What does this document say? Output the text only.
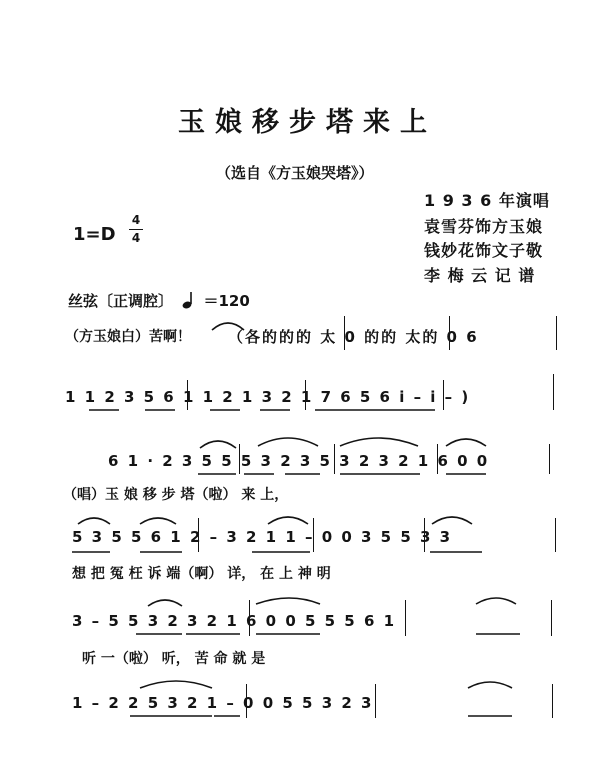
玉娘移步塔来上
（选自《方玉娘哭塔》）
1 9 3 6 年演唱
袁雪芬饰方玉娘
钱妙花饰文子敬
李 梅 云 记 谱
1=D
4
4
丝弦〔正调腔〕 ＝120
（方玉娘白）苦啊！ （各的的的 太 0 的的 太的 0 6
1 1 2 3 5 6 1 1 2 1 3 2 1 7 6 5 6 i – i – )
6 1 · 2 3 5 5 5 3 2 3 5 3 2 3 2 1 6 0 0
（唱）玉 娘 移 步 塔（啦） 来 上，
5 3 5 5 6 1 2 – 3 2 1 1 – 0 0 3 5 5 3 3
想 把 冤 枉 诉 端（啊） 详， 在 上 神 明
3 – 5 5 3 2 3 2 1 6 0 0 5 5 5 6 1
听 一（啦） 听， 苦 命 就 是
1 – 2 2 5 3 2 1 – 0 0 5 5 3 2 3
